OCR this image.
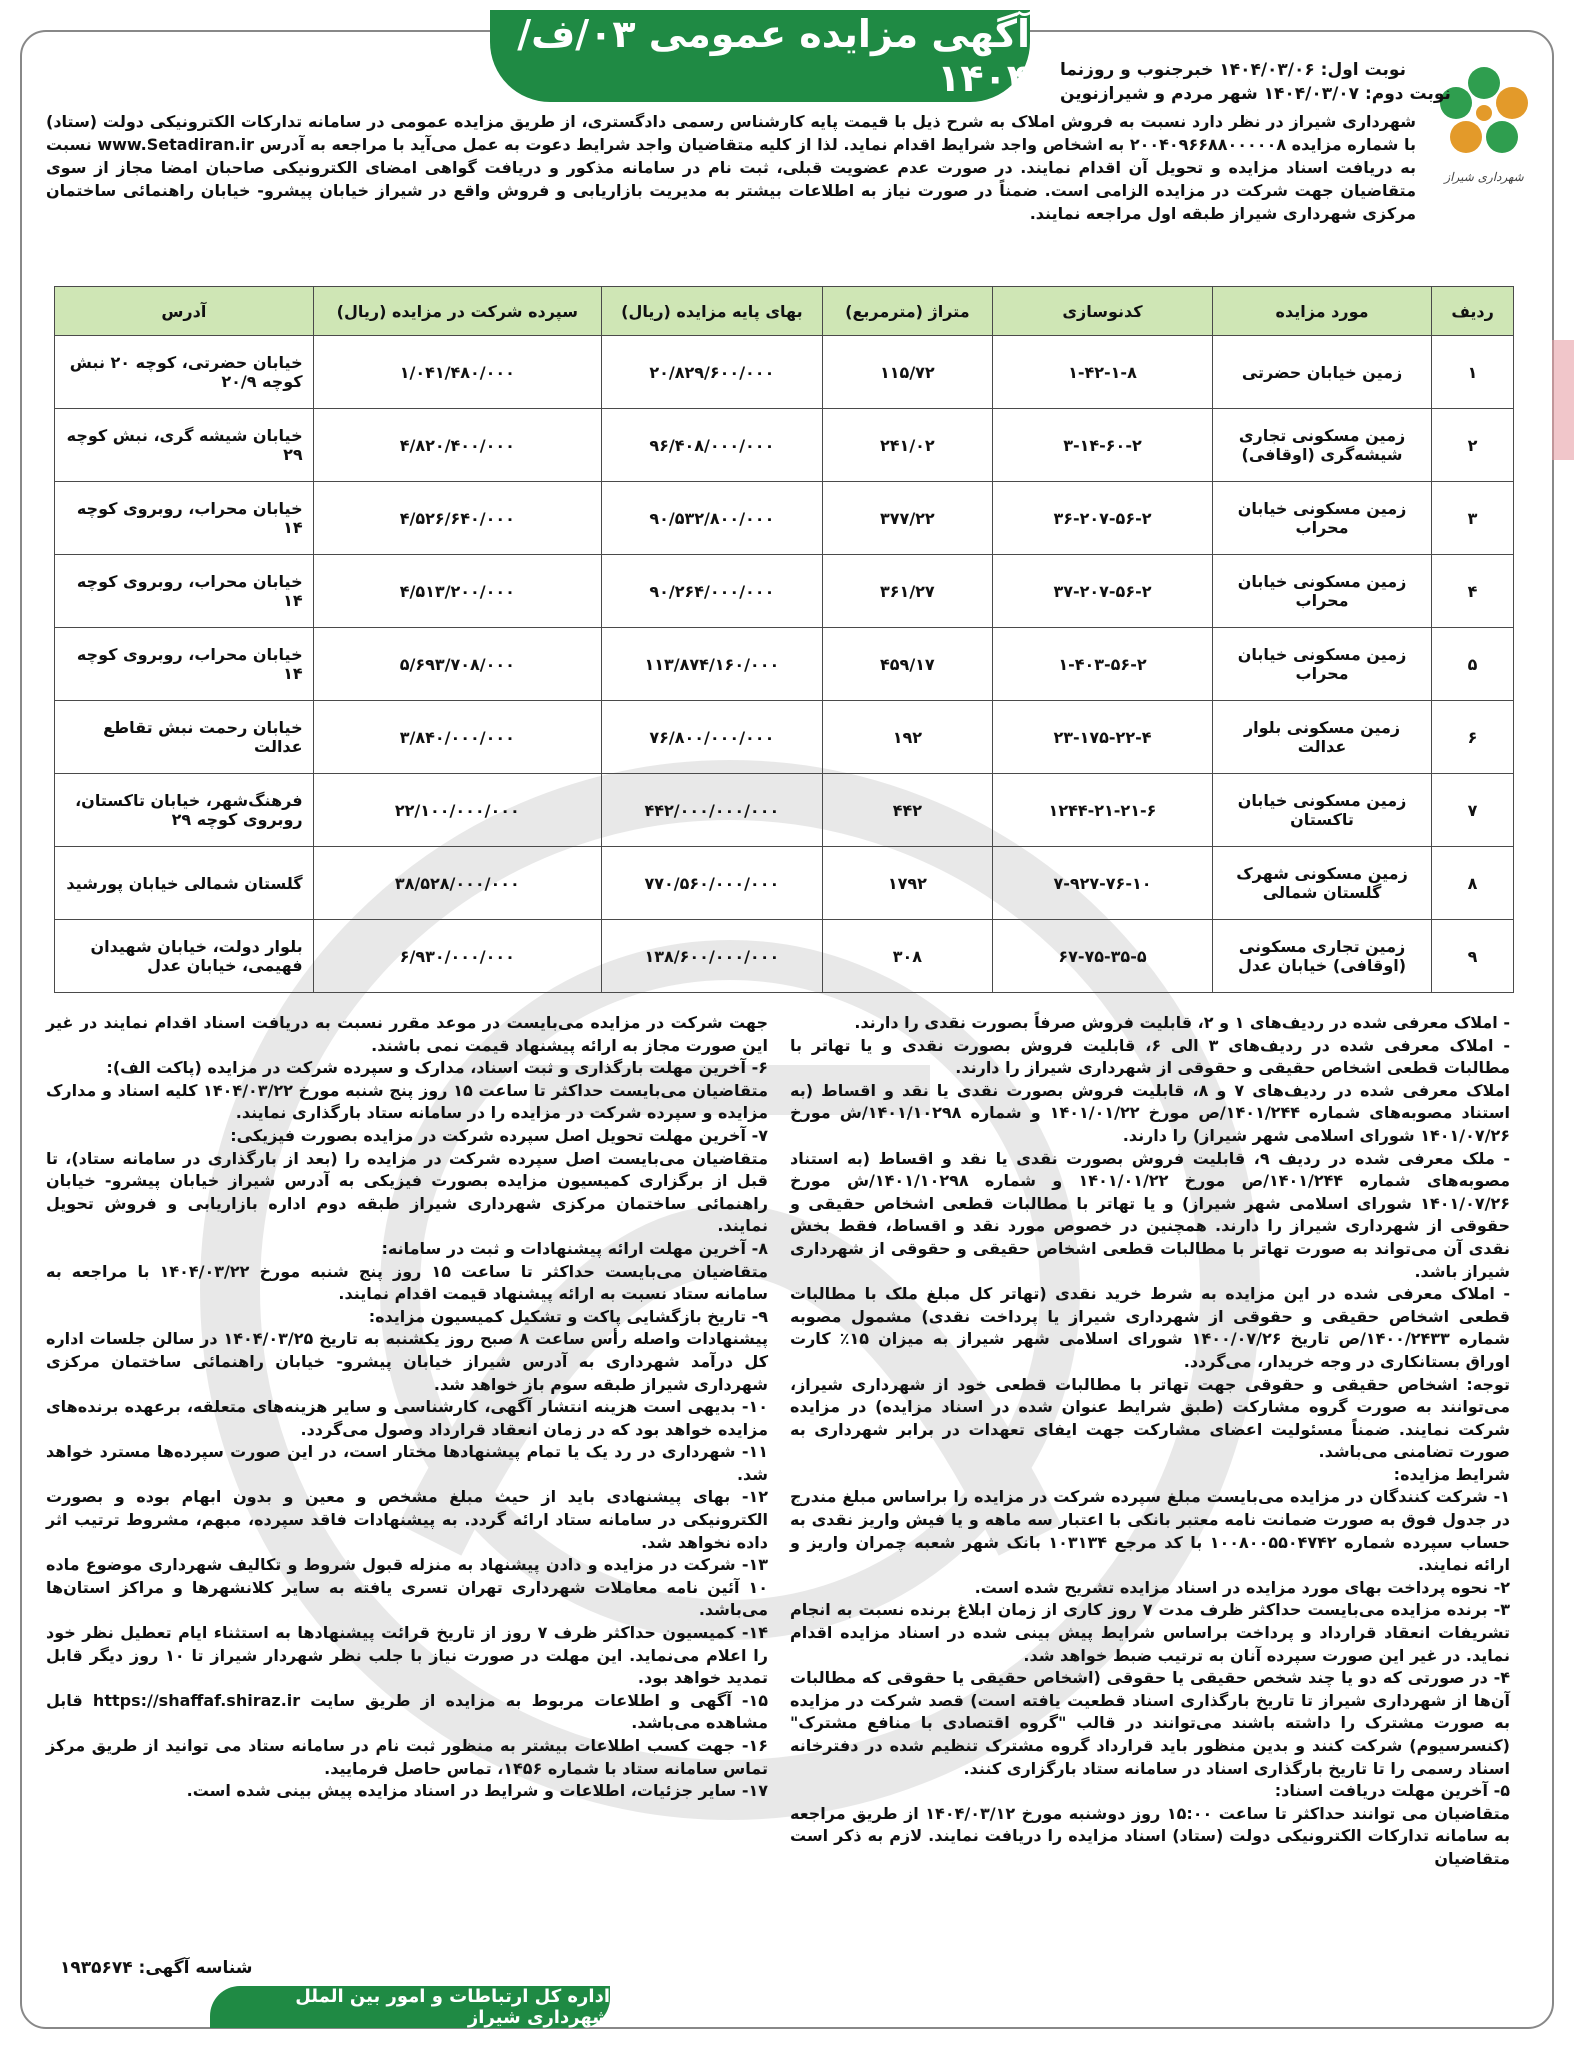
آگهی مزایده عمومی ۰۳/ف/۱۴۰۴
شهرداری شیراز
نوبت اول: ۱۴۰۴/۰۳/۰۶ خبرجنوب و روزنما
نوبت دوم: ۱۴۰۴/۰۳/۰۷ شهر مردم و شیرازنوین
شهرداری شیراز در نظر دارد نسبت به فروش املاک به شرح ذیل با قیمت پایه کارشناس رسمی دادگستری، از طریق مزایده عمومی در سامانه تدارکات الکترونیکی دولت (ستاد) با شماره مزایده ۲۰۰۴۰۹۶۶۸۸۰۰۰۰۰۸ به اشخاص واجد شرایط اقدام نماید. لذا از کلیه متقاضیان واجد شرایط دعوت به عمل می‌آید با مراجعه به آدرس www.Setadiran.ir نسبت به دریافت اسناد مزایده و تحویل آن اقدام نمایند. در صورت عدم عضویت قبلی، ثبت نام در سامانه مذکور و دریافت گواهی امضای الکترونیکی صاحبان امضا مجاز از سوی متقاضیان جهت شرکت در مزایده الزامی است. ضمناً در صورت نیاز به اطلاعات بیشتر به مدیریت بازاریابی و فروش واقع در شیراز خیابان پیشرو- خیابان راهنمائی ساختمان مرکزی شهرداری شیراز طبقه اول مراجعه نمایند.
ردیف	مورد مزایده	کدنوسازی	متراژ (مترمربع)	بهای پایه مزایده (ریال)	سپرده شرکت در مزایده (ریال)	آدرس
۱	زمین خیابان حضرتی	۱-۴۲-۱-۸	۱۱۵/۷۲	۲۰/۸۲۹/۶۰۰/۰۰۰	۱/۰۴۱/۴۸۰/۰۰۰	خیابان حضرتی، کوچه ۲۰ نبش کوچه ۲۰/۹
۲	زمین مسکونی تجاری شیشه‌گری (اوقافی)	۳-۱۴-۶۰-۲	۲۴۱/۰۲	۹۶/۴۰۸/۰۰۰/۰۰۰	۴/۸۲۰/۴۰۰/۰۰۰	خیابان شیشه گری، نبش کوچه ۲۹
۳	زمین مسکونی خیابان محراب	۳۶-۲۰۷-۵۶-۲	۳۷۷/۲۲	۹۰/۵۳۲/۸۰۰/۰۰۰	۴/۵۲۶/۶۴۰/۰۰۰	خیابان محراب، روبروی کوچه ۱۴
۴	زمین مسکونی خیابان محراب	۳۷-۲۰۷-۵۶-۲	۳۶۱/۲۷	۹۰/۲۶۴/۰۰۰/۰۰۰	۴/۵۱۳/۲۰۰/۰۰۰	خیابان محراب، روبروی کوچه ۱۴
۵	زمین مسکونی خیابان محراب	۱-۴۰۳-۵۶-۲	۴۵۹/۱۷	۱۱۳/۸۷۴/۱۶۰/۰۰۰	۵/۶۹۳/۷۰۸/۰۰۰	خیابان محراب، روبروی کوچه ۱۴
۶	زمین مسکونی بلوار عدالت	۲۳-۱۷۵-۲۲-۴	۱۹۲	۷۶/۸۰۰/۰۰۰/۰۰۰	۳/۸۴۰/۰۰۰/۰۰۰	خیابان رحمت نبش تقاطع عدالت
۷	زمین مسکونی خیابان تاکستان	۱۲۴۴-۲۱-۲۱-۶	۴۴۲	۴۴۲/۰۰۰/۰۰۰/۰۰۰	۲۲/۱۰۰/۰۰۰/۰۰۰	فرهنگ‌شهر، خیابان تاکستان، روبروی کوچه ۲۹
۸	زمین مسکونی شهرک گلستان شمالی	۷-۹۲۷-۷۶-۱۰	۱۷۹۲	۷۷۰/۵۶۰/۰۰۰/۰۰۰	۳۸/۵۲۸/۰۰۰/۰۰۰	گلستان شمالی خیابان پورشید
۹	زمین تجاری مسکونی (اوقافی) خیابان عدل	۶۷-۷۵-۳۵-۵	۳۰۸	۱۳۸/۶۰۰/۰۰۰/۰۰۰	۶/۹۳۰/۰۰۰/۰۰۰	بلوار دولت، خیابان شهیدان فهیمی، خیابان عدل

- املاک معرفی شده در ردیف‌های ۱ و ۲، قابلیت فروش صرفاً بصورت نقدی را دارند.

- املاک معرفی شده در ردیف‌های ۳ الی ۶، قابلیت فروش بصورت نقدی و یا تهاتر با مطالبات قطعی اشخاص حقیقی و حقوقی از شهرداری شیراز را دارند.

املاک معرفی شده در ردیف‌های ۷ و ۸، قابلیت فروش بصورت نقدی یا نقد و اقساط (به استناد مصوبه‌های شماره ۱۴۰۱/۲۴۴/ص مورخ ۱۴۰۱/۰۱/۲۲ و شماره ۱۴۰۱/۱۰۲۹۸/ش مورخ ۱۴۰۱/۰۷/۲۶ شورای اسلامی شهر شیراز) را دارند.

- ملک معرفی شده در ردیف ۹، قابلیت فروش بصورت نقدی یا نقد و اقساط (به استناد مصوبه‌های شماره ۱۴۰۱/۲۴۴/ص مورخ ۱۴۰۱/۰۱/۲۲ و شماره ۱۴۰۱/۱۰۲۹۸/ش مورخ ۱۴۰۱/۰۷/۲۶ شورای اسلامی شهر شیراز) و یا تهاتر با مطالبات قطعی اشخاص حقیقی و حقوقی از شهرداری شیراز را دارند. همچنین در خصوص مورد نقد و اقساط، فقط بخش نقدی آن می‌تواند به صورت تهاتر با مطالبات قطعی اشخاص حقیقی و حقوقی از شهرداری شیراز باشد.

- املاک معرفی شده در این مزایده به شرط خرید نقدی (تهاتر کل مبلغ ملک با مطالبات قطعی اشخاص حقیقی و حقوقی از شهرداری شیراز یا پرداخت نقدی) مشمول مصوبه شماره ۱۴۰۰/۲۴۳۳/ص تاریخ ۱۴۰۰/۰۷/۲۶ شورای اسلامی شهر شیراز به میزان ۱۵٪ کارت اوراق بستانکاری در وجه خریدار، می‌گردد.

توجه: اشخاص حقیقی و حقوقی جهت تهاتر با مطالبات قطعی خود از شهرداری شیراز، می‌توانند به صورت گروه مشارکت (طبق شرایط عنوان شده در اسناد مزایده) در مزایده شرکت نمایند. ضمناً مسئولیت اعضای مشارکت جهت ایفای تعهدات در برابر شهرداری به صورت تضامنی می‌باشد.

شرایط مزایده:

۱- شرکت کنندگان در مزایده می‌بایست مبلغ سپرده شرکت در مزایده را براساس مبلغ مندرج در جدول فوق به صورت ضمانت نامه معتبر بانکی با اعتبار سه ماهه و یا فیش واریز نقدی به حساب سپرده شماره ۱۰۰۸۰۰۵۵۰۴۷۴۲ با کد مرجع ۱۰۳۱۳۴ بانک شهر شعبه چمران واریز و ارائه نمایند.

۲- نحوه پرداخت بهای مورد مزایده در اسناد مزایده تشریح شده است.

۳- برنده مزایده می‌بایست حداکثر ظرف مدت ۷ روز کاری از زمان ابلاغ برنده نسبت به انجام تشریفات انعقاد قرارداد و پرداخت براساس شرایط پیش بینی شده در اسناد مزایده اقدام نماید. در غیر این صورت سپرده آنان به ترتیب ضبط خواهد شد.

۴- در صورتی که دو یا چند شخص حقیقی یا حقوقی (اشخاص حقیقی یا حقوقی که مطالبات آن‌ها از شهرداری شیراز تا تاریخ بارگذاری اسناد قطعیت یافته است) قصد شرکت در مزایده به صورت مشترک را داشته باشند می‌توانند در قالب "گروه اقتصادی با منافع مشترک" (کنسرسیوم) شرکت کنند و بدین منظور باید قرارداد گروه مشترک تنظیم شده در دفترخانه اسناد رسمی را تا تاریخ بارگذاری اسناد در سامانه ستاد بارگزاری کنند.

۵- آخرین مهلت دریافت اسناد:

متقاضیان می توانند حداکثر تا ساعت ۱۵:۰۰ روز دوشنبه مورخ ۱۴۰۴/۰۳/۱۲ از طریق مراجعه به سامانه تدارکات الکترونیکی دولت (ستاد) اسناد مزایده را دریافت نمایند. لازم به ذکر است متقاضیان

جهت شرکت در مزایده می‌بایست در موعد مقرر نسبت به دریافت اسناد اقدام نمایند در غیر این صورت مجاز به ارائه پیشنهاد قیمت نمی باشند.

۶- آخرین مهلت بارگذاری و ثبت اسناد، مدارک و سپرده شرکت در مزایده (پاکت الف):

متقاضیان می‌بایست حداکثر تا ساعت ۱۵ روز پنج شنبه مورخ ۱۴۰۴/۰۳/۲۲ کلیه اسناد و مدارک مزایده و سپرده شرکت در مزایده را در سامانه ستاد بارگذاری نمایند.

۷- آخرین مهلت تحویل اصل سپرده شرکت در مزایده بصورت فیزیکی:

متقاضیان می‌بایست اصل سپرده شرکت در مزایده را (بعد از بارگذاری در سامانه ستاد)، تا قبل از برگزاری کمیسیون مزایده بصورت فیزیکی به آدرس شیراز خیابان پیشرو- خیابان راهنمائی ساختمان مرکزی شهرداری شیراز طبقه دوم اداره بازاریابی و فروش تحویل نمایند.

۸- آخرین مهلت ارائه پیشنهادات و ثبت در سامانه:

متقاضیان می‌بایست حداکثر تا ساعت ۱۵ روز پنج شنبه مورخ ۱۴۰۴/۰۳/۲۲ با مراجعه به سامانه ستاد نسبت به ارائه پیشنهاد قیمت اقدام نمایند.

۹- تاریخ بازگشایی پاکت و تشکیل کمیسیون مزایده:

پیشنهادات واصله رأس ساعت ۸ صبح روز یکشنبه به تاریخ ۱۴۰۴/۰۳/۲۵ در سالن جلسات اداره کل درآمد شهرداری به آدرس شیراز خیابان پیشرو- خیابان راهنمائی ساختمان مرکزی شهرداری شیراز طبقه سوم باز خواهد شد.

۱۰- بدیهی است هزینه انتشار آگهی، کارشناسی و سایر هزینه‌های متعلقه، برعهده برنده‌های مزایده خواهد بود که در زمان انعقاد قرارداد وصول می‌گردد.

۱۱- شهرداری در رد یک یا تمام پیشنهادها مختار است، در این صورت سپرده‌ها مسترد خواهد شد.

۱۲- بهای پیشنهادی باید از حیث مبلغ مشخص و معین و بدون ابهام بوده و بصورت الکترونیکی در سامانه ستاد ارائه گردد. به پیشنهادات فاقد سپرده، مبهم، مشروط ترتیب اثر داده نخواهد شد.

۱۳- شرکت در مزایده و دادن پیشنهاد به منزله قبول شروط و تکالیف شهرداری موضوع ماده ۱۰ آئین نامه معاملات شهرداری تهران تسری یافته به سایر کلانشهرها و مراکز استان‌ها می‌باشد.

۱۴- کمیسیون حداکثر ظرف ۷ روز از تاریخ قرائت پیشنهادها به استثناء ایام تعطیل نظر خود را اعلام می‌نماید. این مهلت در صورت نیاز با جلب نظر شهردار شیراز تا ۱۰ روز دیگر قابل تمدید خواهد بود.

۱۵- آگهی و اطلاعات مربوط به مزایده از طریق سایت https://shaffaf.shiraz.ir قابل مشاهده می‌باشد.

۱۶- جهت کسب اطلاعات بیشتر به منظور ثبت نام در سامانه ستاد می توانید از طریق مرکز تماس سامانه ستاد با شماره ۱۴۵۶، تماس حاصل فرمایید.

۱۷- سایر جزئیات، اطلاعات و شرایط در اسناد مزایده پیش بینی شده است.

شناسه آگهی: ۱۹۳۵۶۷۴
اداره کل ارتباطات و امور بین الملل شهرداری شیراز
